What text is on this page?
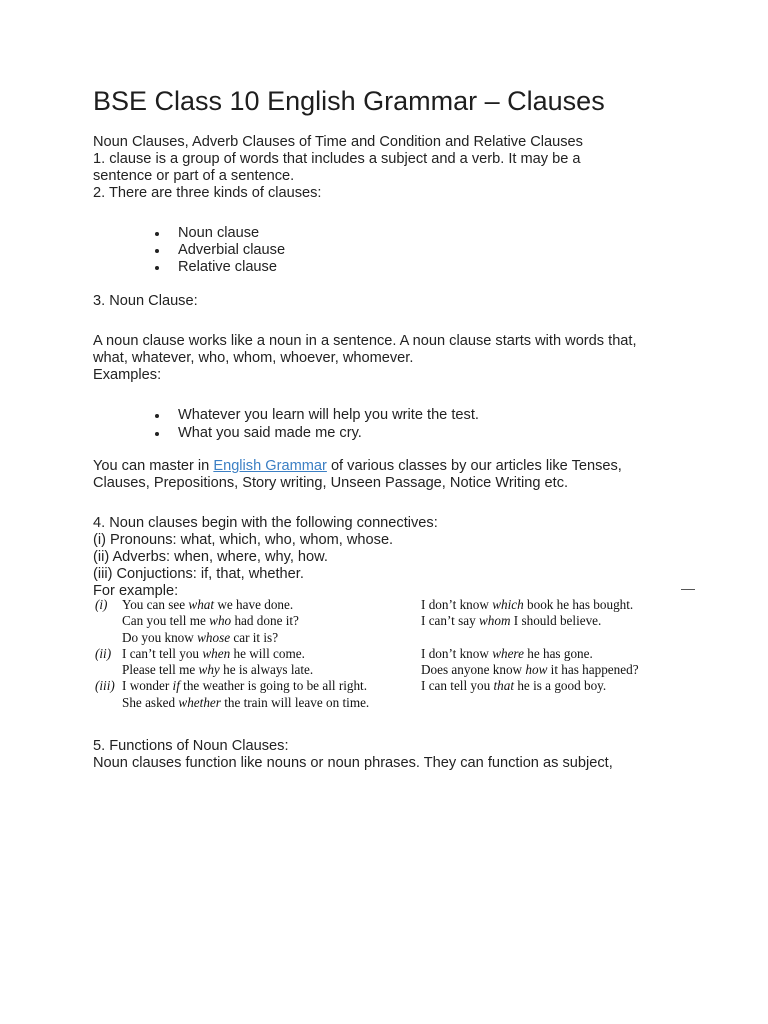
BSE Class 10 English Grammar – Clauses
Noun Clauses, Adverb Clauses of Time and Condition and Relative Clauses
1. clause is a group of words that includes a subject and a verb. It may be a
sentence or part of a sentence.
2. There are three kinds of clauses:
Noun clause
Adverbial clause
Relative clause
3. Noun Clause:
A noun clause works like a noun in a sentence. A noun clause starts with words that,
what, whatever, who, whom, whoever, whomever.
Examples:
Whatever you learn will help you write the test.
What you said made me cry.
You can master in English Grammar of various classes by our articles like Tenses,
Clauses, Prepositions, Story writing, Unseen Passage, Notice Writing etc.
4. Noun clauses begin with the following connectives:
(i) Pronouns: what, which, who, whom, whose.
(ii) Adverbs: when, where, why, how.
(iii) Conjuctions: if, that, whether.
For example:
(i) You can see what we have done.
Can you tell me who had done it?
Do you know whose car it is?
(ii) I can’t tell you when he will come.
Please tell me why he is always late.
(iii) I wonder if the weather is going to be all right.
She asked whether the train will leave on time.
I don’t know which book he has bought.
I can’t say whom I should believe.
I don’t know where he has gone.
Does anyone know how it has happened?
I can tell you that he is a good boy.
5. Functions of Noun Clauses:
Noun clauses function like nouns or noun phrases. They can function as subject,
